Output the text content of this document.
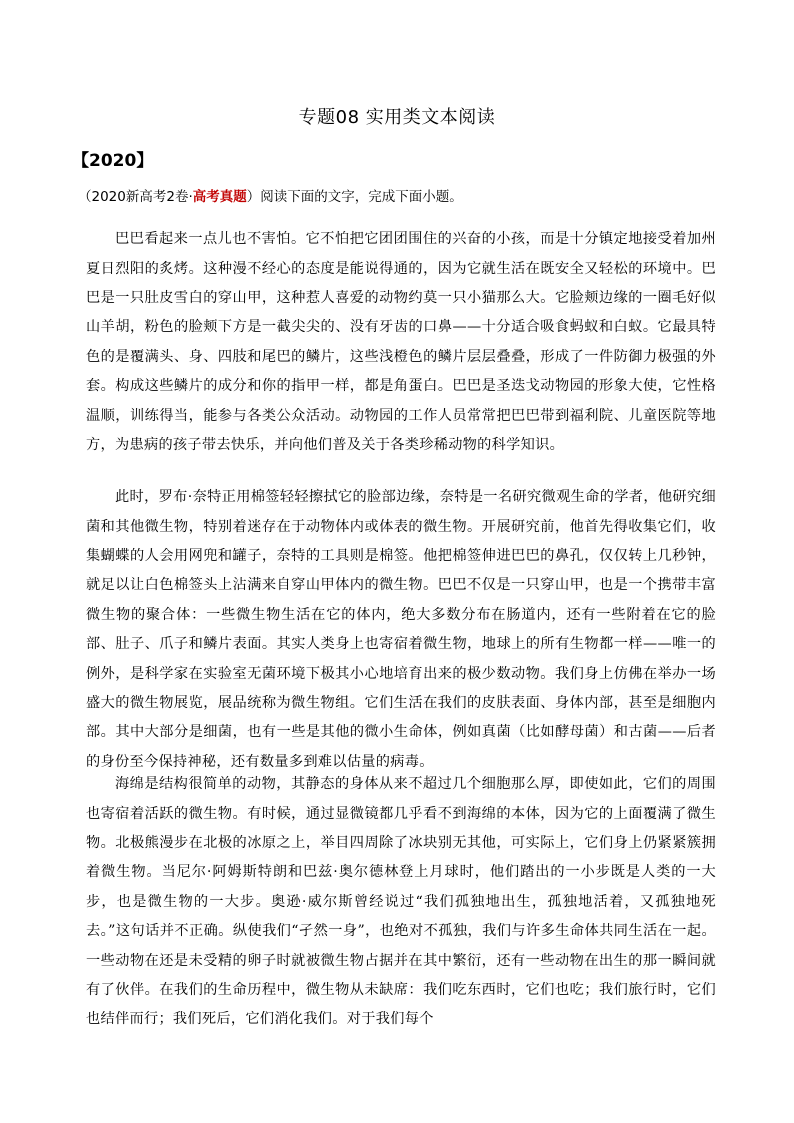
专题08 实用类文本阅读
【2020】
（2020新高考2卷·高考真题）阅读下面的文字，完成下面小题。

巴巴看起来一点儿也不害怕。它不怕把它团团围住的兴奋的小孩，而是十分镇定地接受着加州夏日烈阳的炙烤。这种漫不经心的态度是能说得通的，因为它就生活在既安全又轻松的环境中。巴巴是一只肚皮雪白的穿山甲，这种惹人喜爱的动物约莫一只小猫那么大。它脸颊边缘的一圈毛好似山羊胡，粉色的脸颊下方是一截尖尖的、没有牙齿的口鼻——十分适合吸食蚂蚁和白蚁。它最具特色的是覆满头、身、四肢和尾巴的鳞片，这些浅橙色的鳞片层层叠叠，形成了一件防御力极强的外套。构成这些鳞片的成分和你的指甲一样，都是角蛋白。巴巴是圣迭戈动物园的形象大使，它性格温顺，训练得当，能参与各类公众活动。动物园的工作人员常常把巴巴带到福利院、儿童医院等地方，为患病的孩子带去快乐，并向他们普及关于各类珍稀动物的科学知识。

此时，罗布·奈特正用棉签轻轻擦拭它的脸部边缘，奈特是一名研究微观生命的学者，他研究细菌和其他微生物，特别着迷存在于动物体内或体表的微生物。开展研究前，他首先得收集它们，收集蝴蝶的人会用网兜和罐子，奈特的工具则是棉签。他把棉签伸进巴巴的鼻孔，仅仅转上几秒钟，就足以让白色棉签头上沾满来自穿山甲体内的微生物。巴巴不仅是一只穿山甲，也是一个携带丰富微生物的聚合体：一些微生物生活在它的体内，绝大多数分布在肠道内，还有一些附着在它的脸部、肚子、爪子和鳞片表面。其实人类身上也寄宿着微生物，地球上的所有生物都一样——唯一的例外，是科学家在实验室无菌环境下极其小心地培育出来的极少数动物。我们身上仿佛在举办一场盛大的微生物展览，展品统称为微生物组。它们生活在我们的皮肤表面、身体内部，甚至是细胞内部。其中大部分是细菌，也有一些是其他的微小生命体，例如真菌（比如酵母菌）和古菌——后者的身份至今保持神秘，还有数量多到难以估量的病毒。

海绵是结构很简单的动物，其静态的身体从来不超过几个细胞那么厚，即使如此，它们的周围也寄宿着活跃的微生物。有时候，通过显微镜都几乎看不到海绵的本体，因为它的上面覆满了微生物。北极熊漫步在北极的冰原之上，举目四周除了冰块别无其他，可实际上，它们身上仍紧紧簇拥着微生物。当尼尔·阿姆斯特朗和巴兹·奥尔德林登上月球时，他们踏出的一小步既是人类的一大步，也是微生物的一大步。奥逊·威尔斯曾经说过“我们孤独地出生，孤独地活着，又孤独地死去。”这句话并不正确。纵使我们“孑然一身”，也绝对不孤独，我们与许多生命体共同生活在一起。一些动物在还是未受精的卵子时就被微生物占据并在其中繁衍，还有一些动物在出生的那一瞬间就有了伙伴。在我们的生命历程中，微生物从未缺席：我们吃东西时，它们也吃；我们旅行时，它们也结伴而行；我们死后，它们消化我们。对于我们每个
